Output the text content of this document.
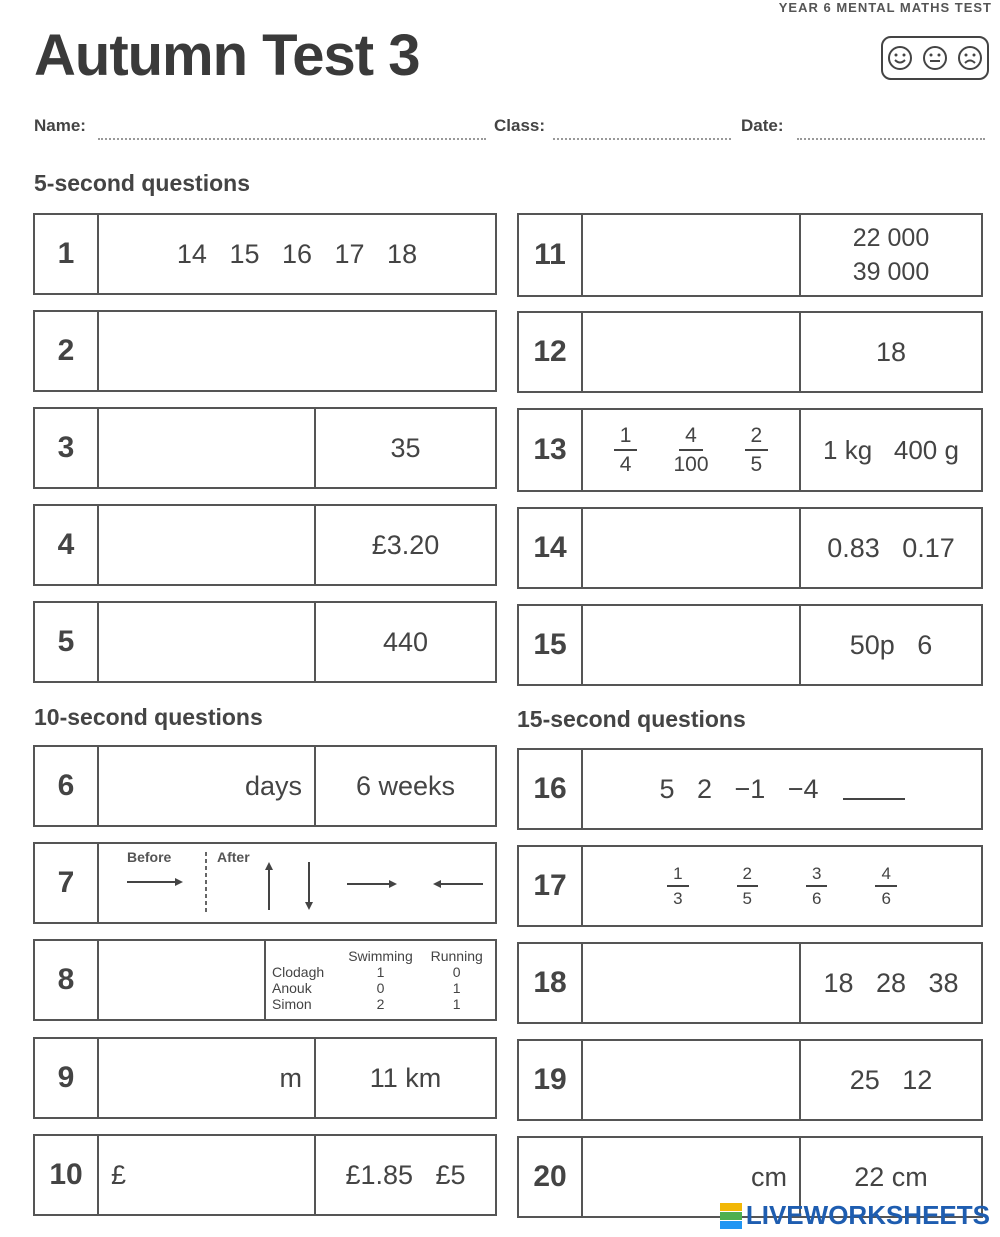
YEAR 6 MENTAL MATHS TEST
Autumn Test 3
Name:	Class:	Date:
5-second questions
10-second questions	15-second questions
1	14   15   16   17   18
2
3	35
4	£3.20
5	440
6	days	6 weeks
7
Before	After
8
	Swimming	Running
Clodagh	1	0
Anouk	0	1
Simon	2	1
9	m	11 km
10	£	£1.85   £5
11	22 000
39 000
12	18
13	$\frac{1}{4} \frac{4}{100} \frac{2}{5}$	1 kg   400 g
14	0.83   0.17
15	50p   6
16	5   2   −1   −4
17	$\frac{1}{3}$	$\frac{2}{5}$	$\frac{3}{6}$	$\frac{4}{6}$
18	18   28   38
19	25   12
20	cm	22 cm
LIVEWORKSHEETS
